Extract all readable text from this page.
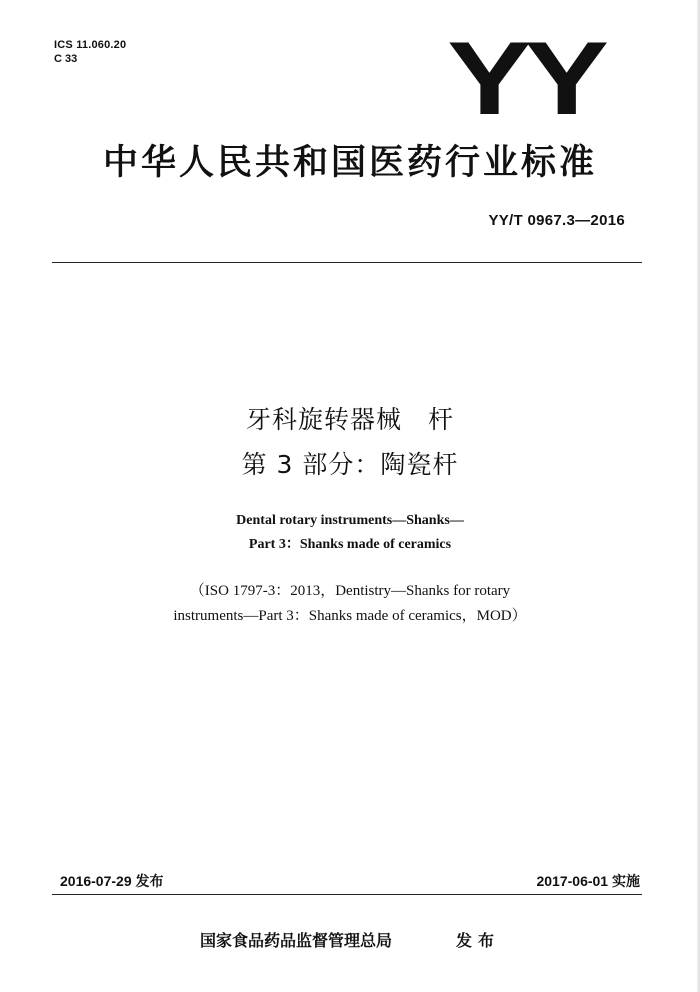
ICS 11.060.20
C 33	YY
中华人民共和国医药行业标准
YY/T 0967.3—2016
牙科旋转器械　杆
第 3 部分：陶瓷杆
Dental rotary instruments—Shanks—
Part 3：Shanks made of ceramics
（ISO 1797-3：2013，Dentistry—Shanks for rotary
instruments—Part 3：Shanks made of ceramics，MOD）
2016-07-29 发布	2017-06-01 实施
国家食品药品监督管理总局	发布
